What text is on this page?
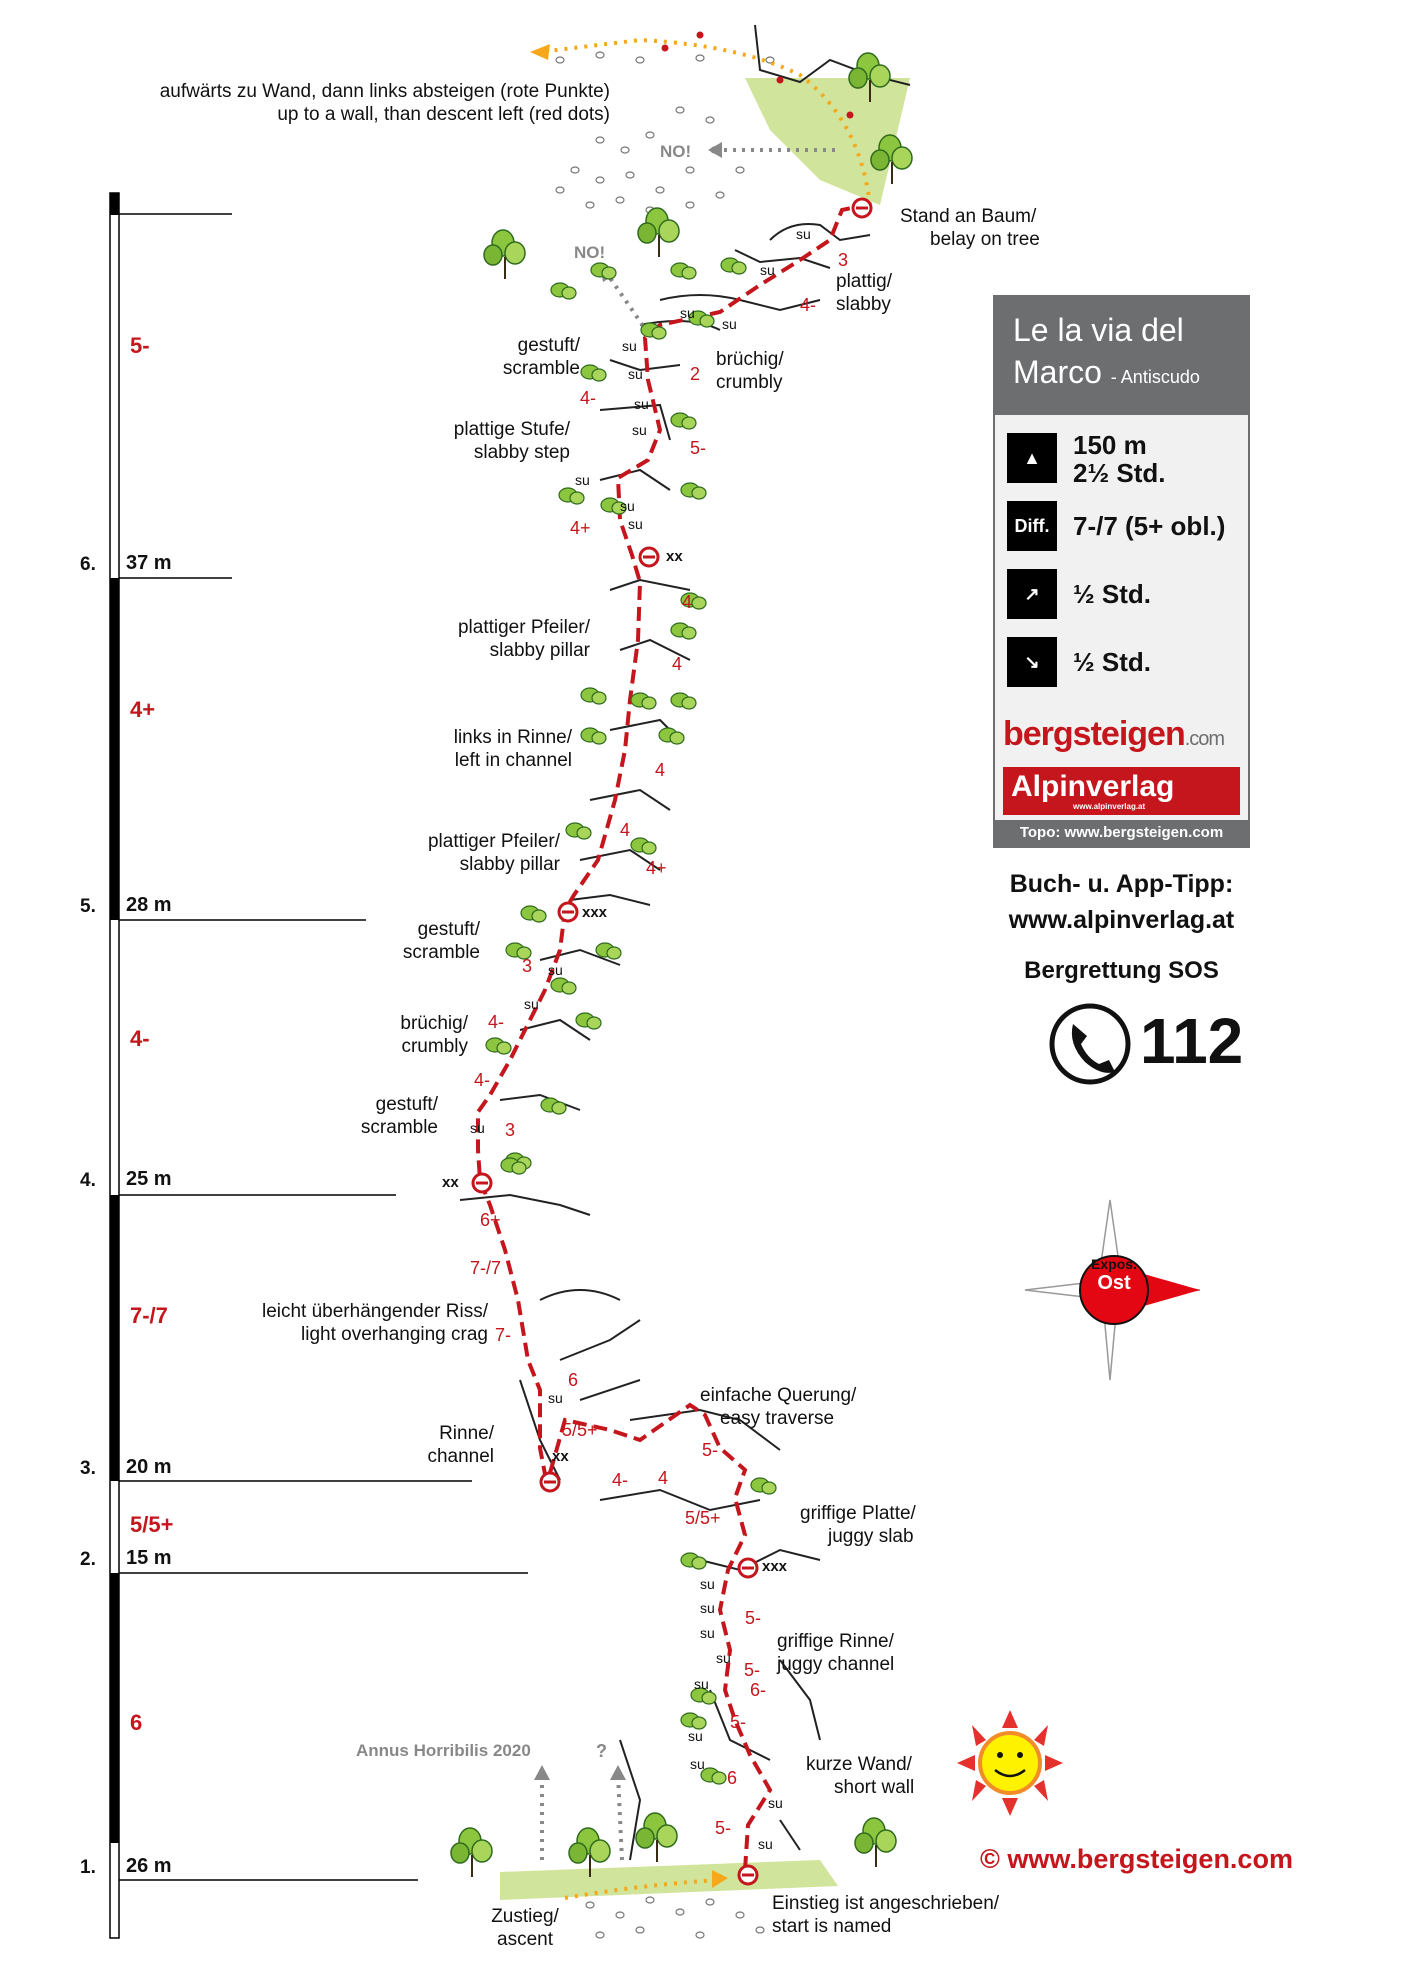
6. 37 m
5. 28 m
4. 25 m
3. 20 m
2. 15 m
1. 26 m
5-
4+
4-
7-/7
5/5+
6
aufwärts zu Wand, dann links absteigen (rote Punkte)
up to a wall, than descent left (red dots)
NO!
NO!
Stand an Baum/
belay on tree
plattig/
slabby
gestuft/
scramble	brüchig/
crumbly
plattige Stufe/
slabby step
plattiger Pfeiler/
slabby pillar
links in Rinne/
left in channel
plattiger Pfeiler/
slabby pillar
gestuft/
scramble
brüchig/
crumbly
gestuft/
scramble
leicht überhängender Riss/
light overhanging crag
Rinne/
channel
einfache Querung/
easy traverse
griffige Platte/
juggy slab
griffige Rinne/
juggy channel
kurze Wand/
short wall
Annus Horribilis 2020	?
Zustieg/
ascent
Einstieg ist angeschrieben/
start is named
3
4-
2
5-
4-
4+
4
4
4
4
4+
3
4-
4-
3
6+
7-/7
7-
6
5/5+
4- 4
5-
5/5+
5-
5-
6-
5-
6
5-
xx
xxx
xx
xx
xxx
su
su
su
su
su
su
su
su
su
su
su
su
su
su
su
su
su
su
su
su
su
su
su
su
Le la via del
Marco - Antiscudo
▲	150 m
2½ Std.
Diff. 7-/7 (5+ obl.)
↗	½ Std.
↘	½ Std.
bergsteigen.com
Alpinverlag
www.alpinverlag.at
Topo: www.bergsteigen.com
Buch- u. App-Tipp:
www.alpinverlag.at
Bergrettung SOS
112
Expos.
Ost
© www.bergsteigen.com
